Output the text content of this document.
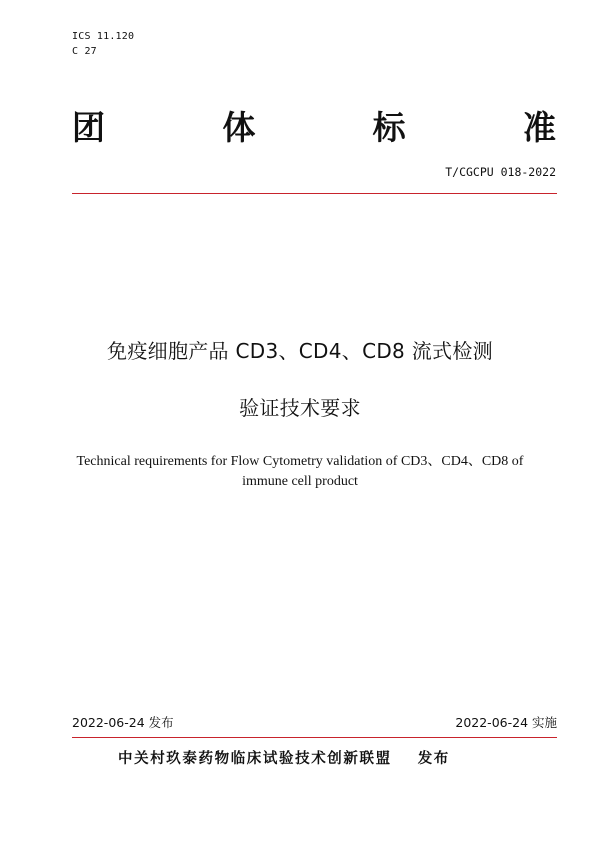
ICS 11.120
C 27
团	体	标	准
T/CGCPU 018-2022
免疫细胞产品 CD3、CD4、CD8 流式检测
验证技术要求
Technical requirements for Flow Cytometry validation of CD3、CD4、CD8 of
immune cell product
2022-06-24 发布	2022-06-24 实施
中关村玖泰药物临床试验技术创新联盟 发布
